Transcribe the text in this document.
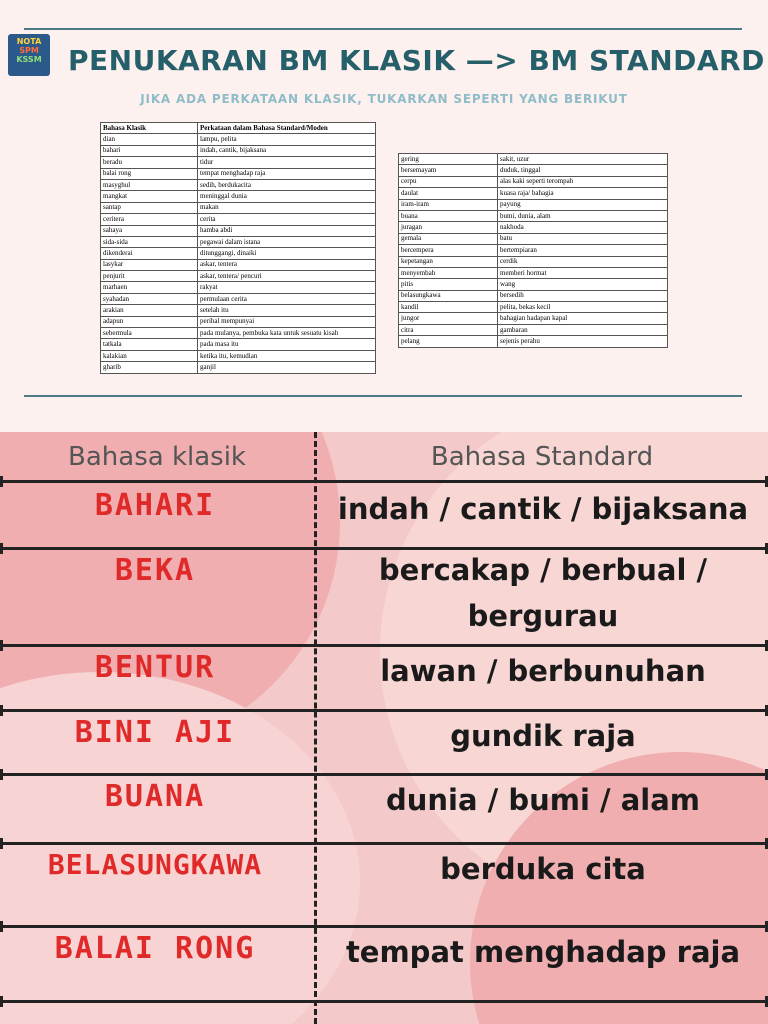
NOTA
SPM
KSSM PENUKARAN BM KLASIK —> BM STANDARD
JIKA ADA PERKATAAN KLASIK, TUKARKAN SEPERTI YANG BERIKUT
Bahasa Klasik	Perkataan dalam Bahasa Standard/Moden
dian	lampu, pelita
bahari	indah, cantik, bijaksana
beradu	tidur
balai rong	tempat menghadap raja
masyghul	sedih, berdukacita
mangkat	meninggal dunia
santap	makan
ceritera	cerita
sahaya	hamba abdi
sida-sida	pegawai dalam istana
dikenderai	ditunggangi, dinaiki
lasykar	askar, tentera
penjurit	askar, tentera/ pencuri
marhaen	rakyat
syahadan	permulaan cerita
arakian	setelah itu
adapun	perihal mempunyai
sebermula	pada mulanya, pembuka kata untuk sesuatu kisah
tatkala	pada masa itu
kalakian	ketika itu, kemudian
gharib	ganjil
gering	sakit, uzur
bersemayam	duduk, tinggal
cerpu	alas kaki seperti terompah
daulat	kuasa raja/ bahagia
iram-iram	payung
buana	bumi, dunia, alam
juragan	nakhoda
gemala	batu
bercempera	bertempiaran
kepetangan	cerdik
menyembah	memberi hormat
pitis	wang
belasungkawa	bersedih
kandil	pelita, bekas kecil
jungor	bahagian hadapan kapal
citra	gambaran
pelang	sejenis perahu
Bahasa klasik	Bahasa Standard
BAHARI	indah / cantik / bijaksana
BEKA	bercakap / berbual / bergurau
BENTUR	lawan / berbunuhan
BINI AJI	gundik raja
BUANA	dunia / bumi / alam
BELASUNGKAWA	berduka cita
BALAI RONG	tempat menghadap raja
